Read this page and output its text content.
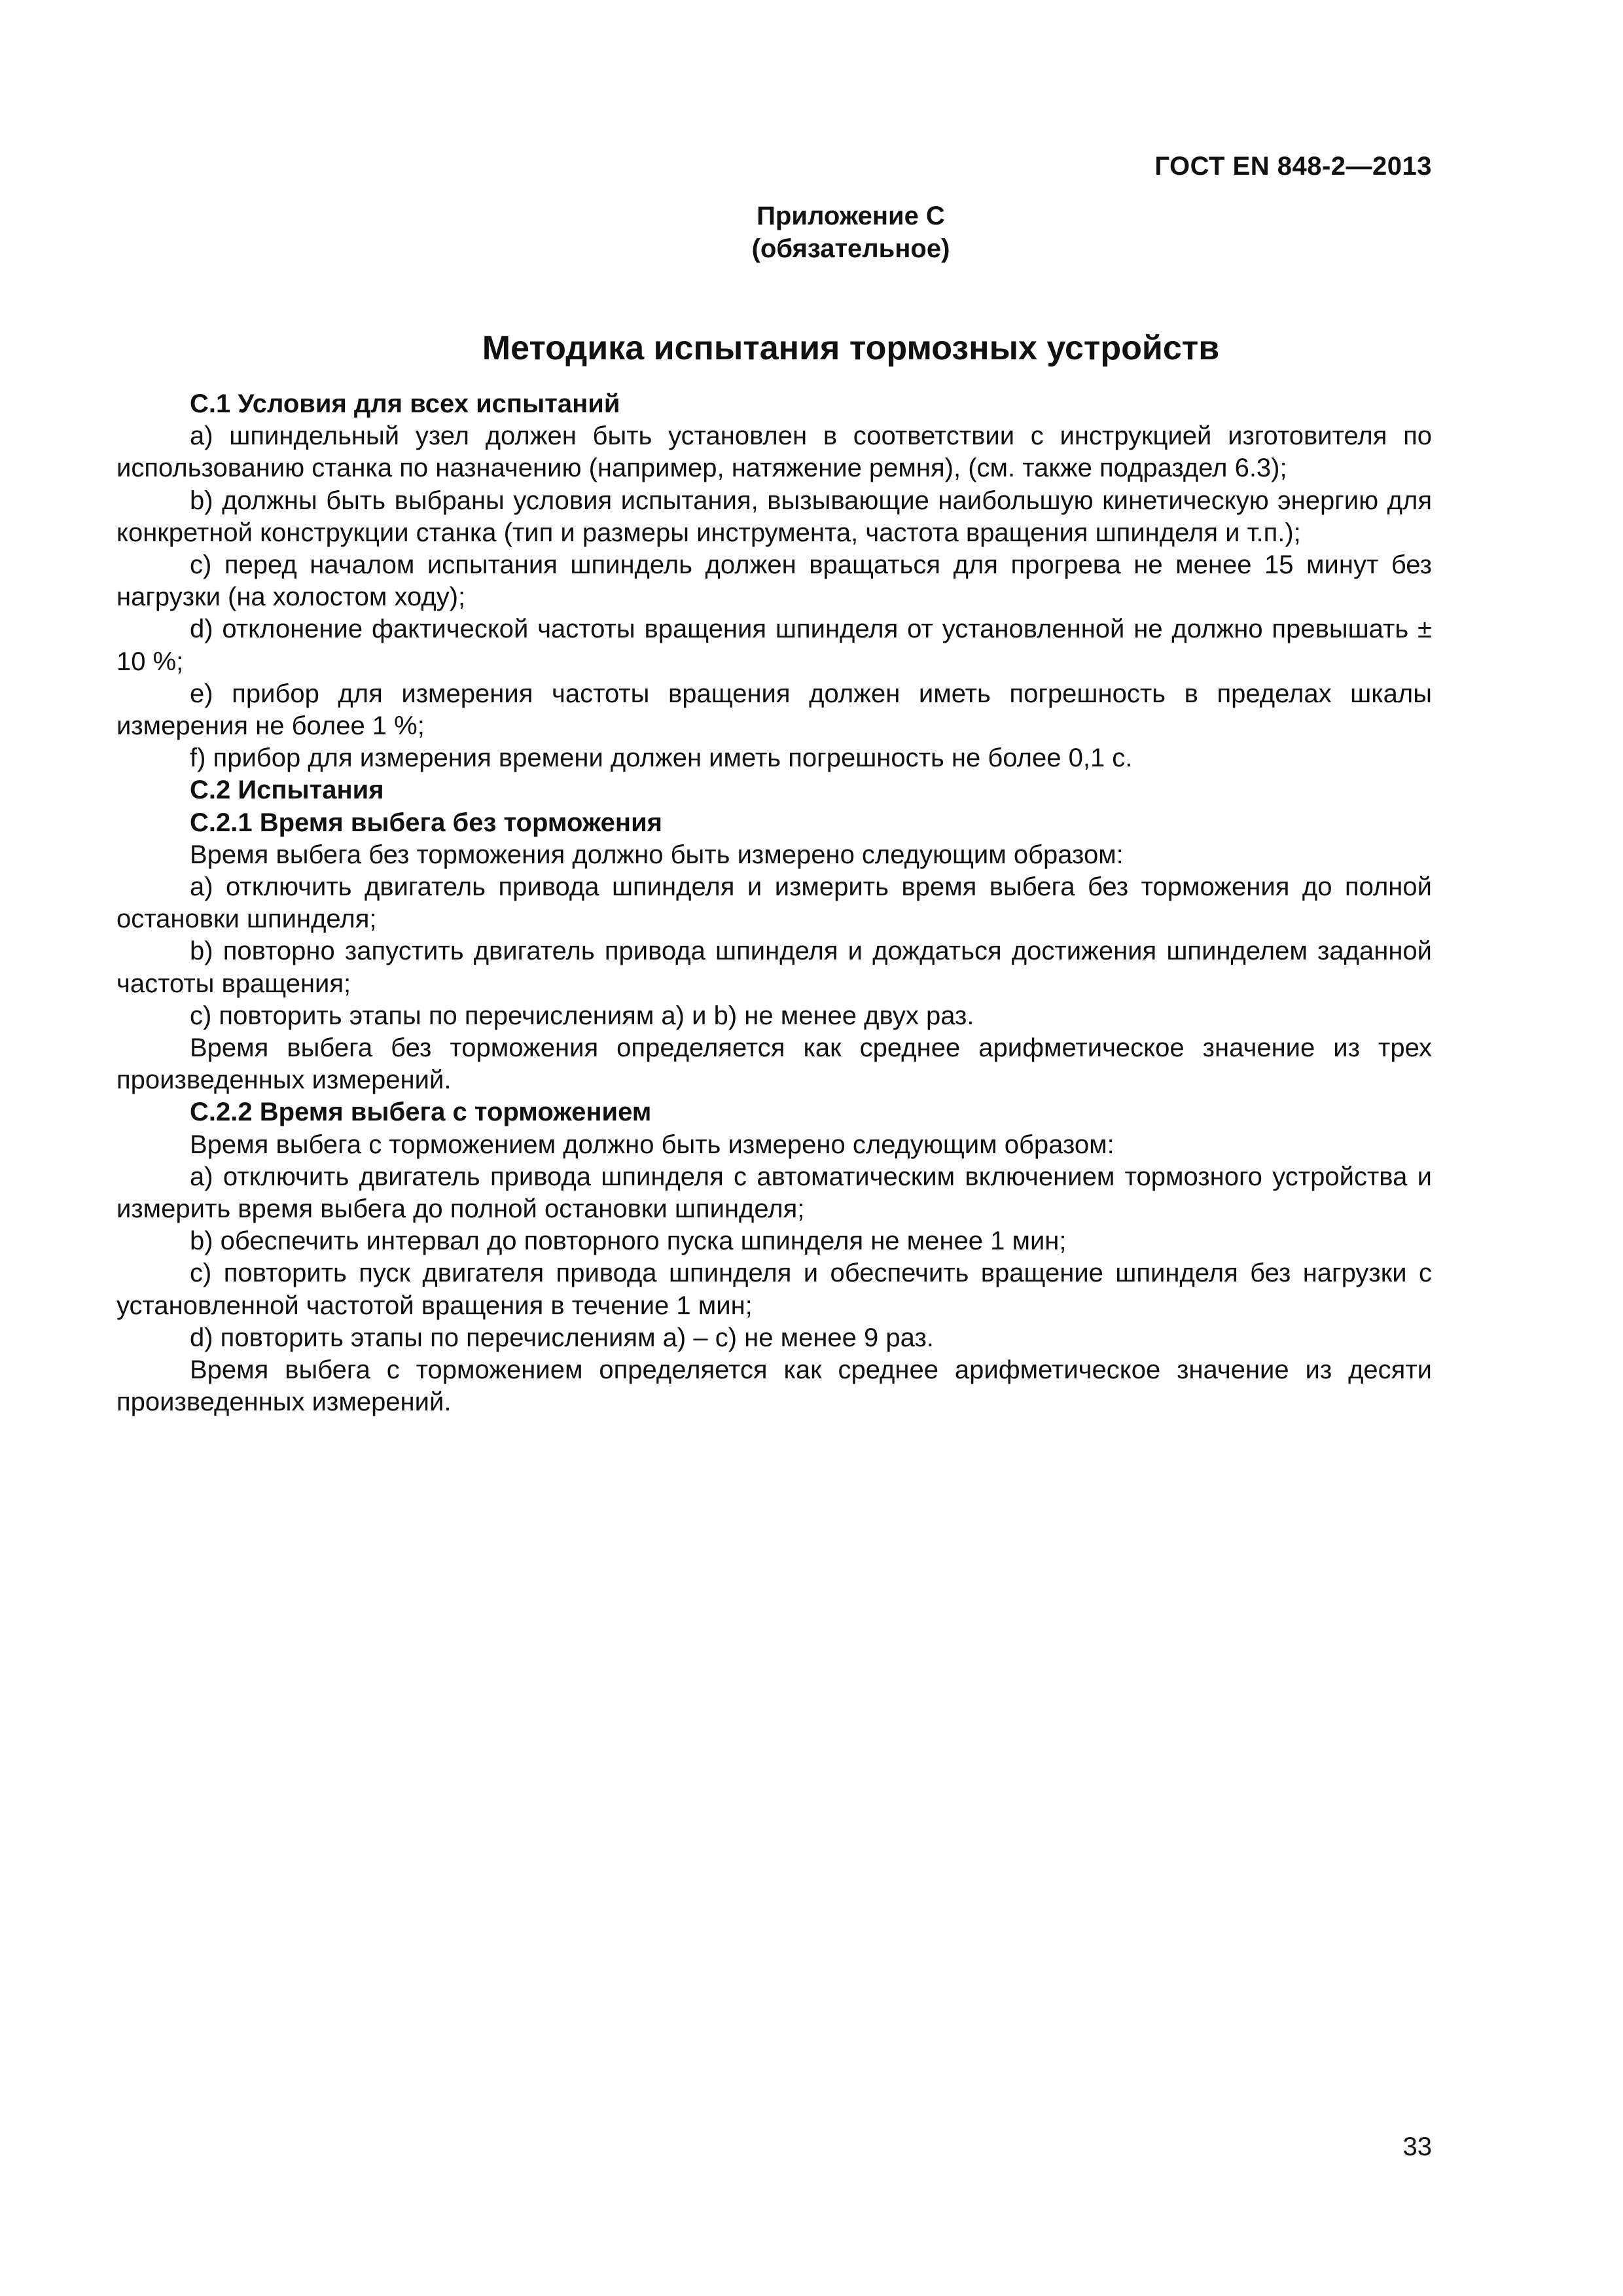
ГОСТ EN 848-2—2013
Приложение С
(обязательное)
Методика испытания тормозных устройств

С.1 Условия для всех испытаний

а) шпиндельный узел должен быть установлен в соответствии с инструкцией изготовителя по использованию станка по назначению (например, натяжение ремня), (см. также подраздел 6.3);

b) должны быть выбраны условия испытания, вызывающие наибольшую кинетическую энергию для конкретной конструкции станка (тип и размеры инструмента, частота вращения шпинделя и т.п.);

с) перед началом испытания шпиндель должен вращаться для прогрева не менее 15 минут без нагрузки (на холостом ходу);

d) отклонение фактической частоты вращения шпинделя от установленной не должно превышать ± 10 %;

е) прибор для измерения частоты вращения должен иметь погрешность в пределах шкалы измерения не более 1 %;

f) прибор для измерения времени должен иметь погрешность не более 0,1 с.

С.2 Испытания

С.2.1 Время выбега без торможения

Время выбега без торможения должно быть измерено следующим образом:

а) отключить двигатель привода шпинделя и измерить время выбега без торможения до полной остановки шпинделя;

b) повторно запустить двигатель привода шпинделя и дождаться достижения шпинделем заданной частоты вращения;

с) повторить этапы по перечислениям а) и b) не менее двух раз.

Время выбега без торможения определяется как среднее арифметическое значение из трех произведенных измерений.

С.2.2 Время выбега с торможением

Время выбега с торможением должно быть измерено следующим образом:

а) отключить двигатель привода шпинделя с автоматическим включением тормозного устройства и измерить время выбега до полной остановки шпинделя;

b) обеспечить интервал до повторного пуска шпинделя не менее 1 мин;

с) повторить пуск двигателя привода шпинделя и обеспечить вращение шпинделя без нагрузки с установленной частотой вращения в течение 1 мин;

d) повторить этапы по перечислениям а) – с) не менее 9 раз.

Время выбега с торможением определяется как среднее арифметическое значение из десяти произведенных измерений.

33
